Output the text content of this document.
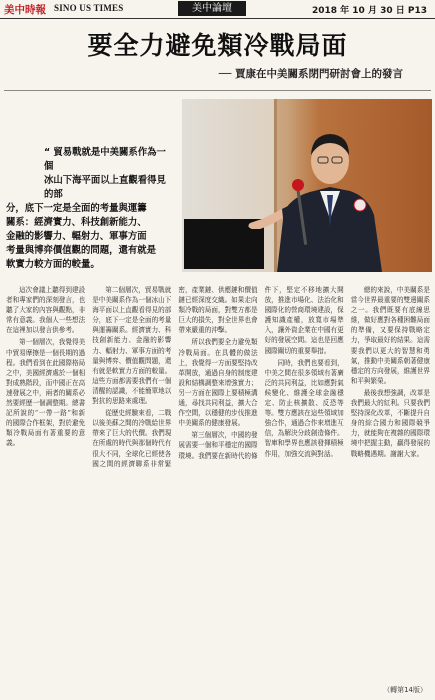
美中時報 SINO US TIMES	美中論壇	2018 年 10 月 30 日 P13
要全力避免類冷戰局面
── 賈康在中美關系閉門研討會上的發言
“ 貿易戰就是中美關系作為一個
冰山下海平面以上直觀看得見的部
分，底下一定是全面的考量與運籌
關系：經濟實力、科技創新能力、
金融的影響力、輻射力、軍事方面
考量與博弈價值觀的問題，還有就是
軟實力較方面的較量。

這次會議上聽得到建設者和專家們的深刻發言，也聽了大家的內容與觀點，非常有意義。我個人一些想法在這裡加以發言供參考。

第一個層次，我覺得美中貿易摩擦是一個長期的過程。我們看到在此國際格局之中，美國經濟處於一個相對成熟階段，而中國正在高速發展之中，兩者的關系必然要經歷一個調整期。總書記所說的“一帶一路”和新的國際合作框架，對於避免類冷戰局面有著重要的意義。

第二個層次，貿易戰就是中美關系作為一個冰山下海平面以上直觀看得見的部分，底下一定是全面的考量與運籌關系。經濟實力、科技創新能力、金融的影響力、輻射力、軍事方面的考量與博弈、價值觀問題，還有就是軟實力方面的較量。這些方面都需要我們有一個清醒的認識，不能簡單地以對抗的思路來處理。

從歷史經驗來看，二戰以後美蘇之間的冷戰給世界帶來了巨大的代價。我們現在所處的時代與那個時代有很大不同，全球化已經使各國之間的經濟聯系非常緊密，產業鏈、供應鏈和價值鏈已經深度交織。如果走向類冷戰的局面，對雙方都是巨大的損失，對全世界也會帶來嚴重的沖擊。

所以我們要全力避免類冷戰局面。在具體的做法上，我覺得一方面要堅持改革開放，通過自身的制度建設和結構調整來增強實力；另一方面在國際上要積極溝通，尋找共同利益，擴大合作空間，以穩健的步伐推進中美關系的健康發展。

第三個層次，中國的發展需要一個和平穩定的國際環境。我們要在新時代的條件下，堅定不移地擴大開放，推進市場化、法治化和國際化的營商環境建設，保護知識產權，放寬市場準入，讓外資企業在中國有更好的發展空間。這也是回應國際關切的重要舉措。

同時，我們也要看到，中美之間在很多領域有著廣泛的共同利益，比如應對氣候變化、維護全球金融穩定、防止核擴散、反恐等等。雙方應該在這些領域加強合作，通過合作來增進互信，為解決分歧創造條件。智庫和學界也應該發揮積極作用，加強交流與對話。

總的來說，中美關系是當今世界最重要的雙邊關系之一。我們既要有底線思維，做好應對各種困難局面的準備，又要保持戰略定力，爭取最好的結果。這需要我們以更大的智慧和勇氣，推動中美關系朝著健康穩定的方向發展，維護世界和平與繁榮。

最後我想強調，改革是我們最大的紅利。只要我們堅持深化改革，不斷提升自身的綜合國力和國際競爭力，就能夠在複雜的國際環境中把握主動，贏得發展的戰略機遇期。謝謝大家。

（轉第14版）
